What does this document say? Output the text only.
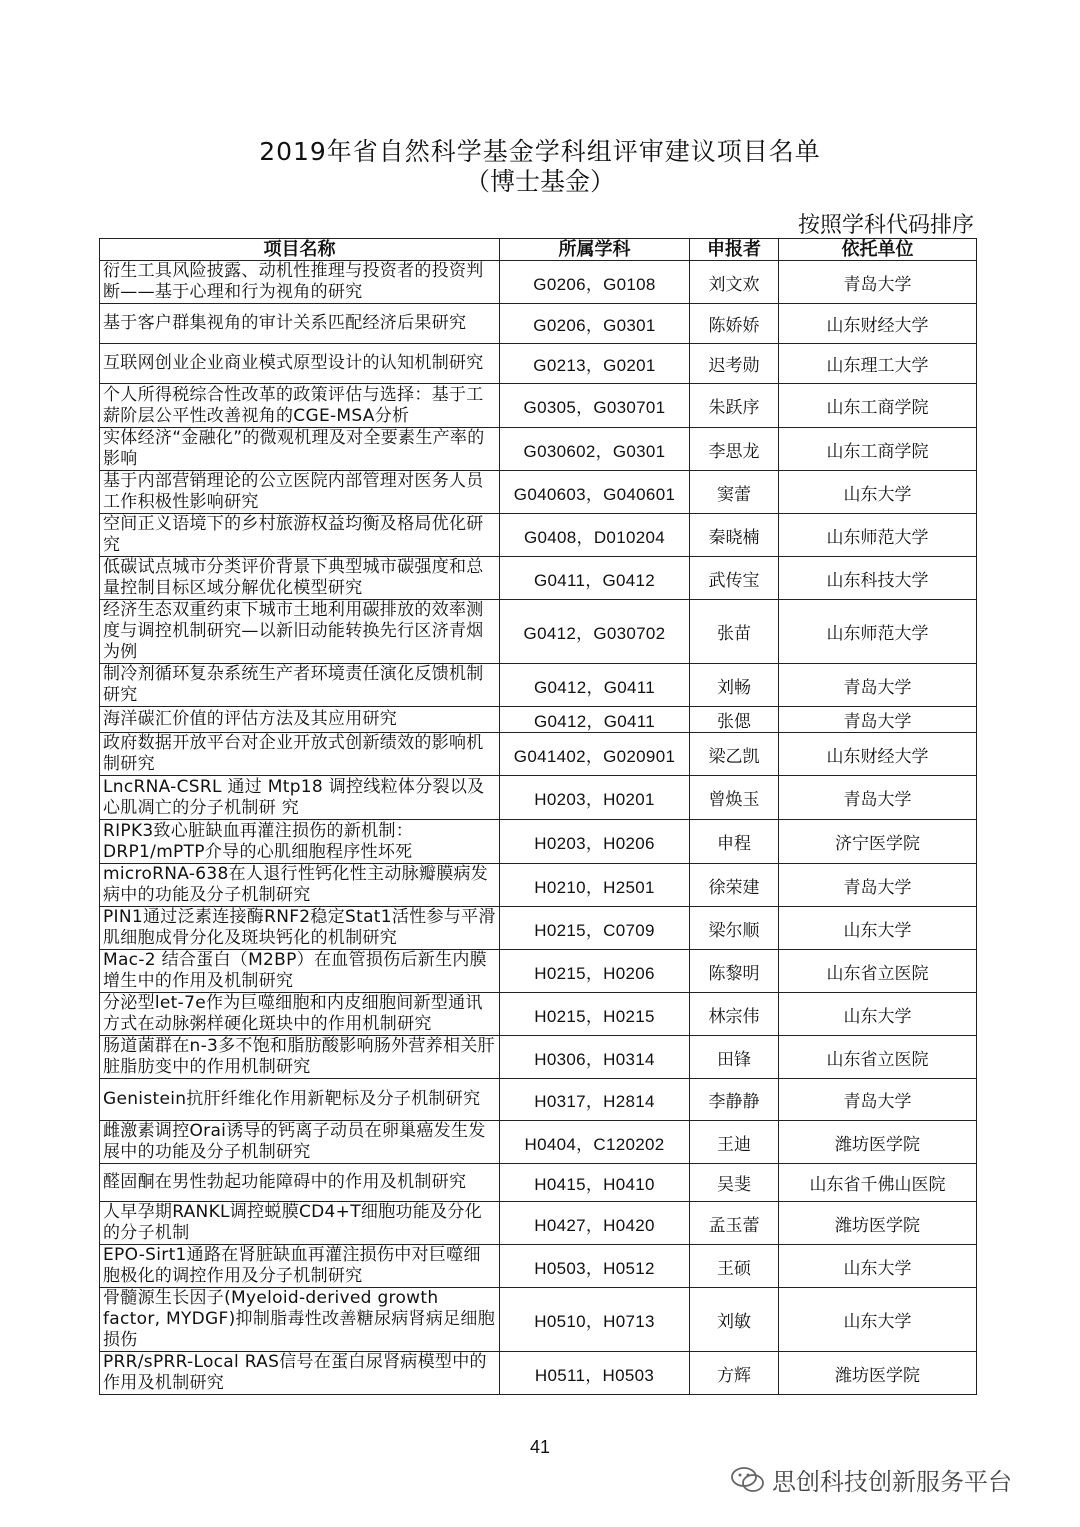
2019年省自然科学基金学科组评审建议项目名单
（博士基金）
按照学科代码排序
项目名称	所属学科	申报者	依托单位
衍生工具风险披露、动机性推理与投资者的投资判断——基于心理和行为视角的研究	G0206，G0108	刘文欢	青岛大学
基于客户群集视角的审计关系匹配经济后果研究	G0206，G0301	陈娇娇	山东财经大学
互联网创业企业商业模式原型设计的认知机制研究	G0213，G0201	迟考勋	山东理工大学
个人所得税综合性改革的政策评估与选择：基于工薪阶层公平性改善视角的CGE-MSA分析	G0305，G030701	朱跃序	山东工商学院
实体经济“金融化”的微观机理及对全要素生产率的影响	G030602，G0301	李思龙	山东工商学院
基于内部营销理论的公立医院内部管理对医务人员工作积极性影响研究	G040603，G040601	窦蕾	山东大学
空间正义语境下的乡村旅游权益均衡及格局优化研究	G0408，D010204	秦晓楠	山东师范大学
低碳试点城市分类评价背景下典型城市碳强度和总量控制目标区域分解优化模型研究	G0411，G0412	武传宝	山东科技大学
经济生态双重约束下城市土地利用碳排放的效率测度与调控机制研究—以新旧动能转换先行区济青烟为例	G0412，G030702	张苗	山东师范大学
制冷剂循环复杂系统生产者环境责任演化反馈机制研究	G0412，G0411	刘畅	青岛大学
海洋碳汇价值的评估方法及其应用研究	G0412，G0411	张偲	青岛大学
政府数据开放平台对企业开放式创新绩效的影响机制研究	G041402，G020901	梁乙凯	山东财经大学
LncRNA-CSRL 通过 Mtp18 调控线粒体分裂以及心肌凋亡的分子机制研 究	H0203，H0201	曾焕玉	青岛大学
RIPK3致心脏缺血再灌注损伤的新机制：DRP1/mPTP介导的心肌细胞程序性坏死	H0203，H0206	申程	济宁医学院
microRNA-638在人退行性钙化性主动脉瓣膜病发病中的功能及分子机制研究	H0210，H2501	徐荣建	青岛大学
PIN1通过泛素连接酶RNF2稳定Stat1活性参与平滑肌细胞成骨分化及斑块钙化的机制研究	H0215，C0709	梁尔顺	山东大学
Mac-2 结合蛋白（M2BP）在血管损伤后新生内膜增生中的作用及机制研究	H0215，H0206	陈黎明	山东省立医院
分泌型let-7e作为巨噬细胞和内皮细胞间新型通讯方式在动脉粥样硬化斑块中的作用机制研究	H0215，H0215	林宗伟	山东大学
肠道菌群在n-3多不饱和脂肪酸影响肠外营养相关肝脏脂肪变中的作用机制研究	H0306，H0314	田锋	山东省立医院
Genistein抗肝纤维化作用新靶标及分子机制研究	H0317，H2814	李静静	青岛大学
雌激素调控Orai诱导的钙离子动员在卵巢癌发生发展中的功能及分子机制研究	H0404，C120202	王迪	潍坊医学院
醛固酮在男性勃起功能障碍中的作用及机制研究	H0415，H0410	吴斐	山东省千佛山医院
人早孕期RANKL调控蜕膜CD4+T细胞功能及分化的分子机制	H0427，H0420	孟玉蕾	潍坊医学院
EPO-Sirt1通路在肾脏缺血再灌注损伤中对巨噬细胞极化的调控作用及分子机制研究	H0503，H0512	王硕	山东大学
骨髓源生长因子(Myeloid-derived growth factor, MYDGF)抑制脂毒性改善糖尿病肾病足细胞损伤	H0510，H0713	刘敏	山东大学
PRR/sPRR-Local RAS信号在蛋白尿肾病模型中的作用及机制研究	H0511，H0503	方辉	潍坊医学院
41
思创科技创新服务平台
